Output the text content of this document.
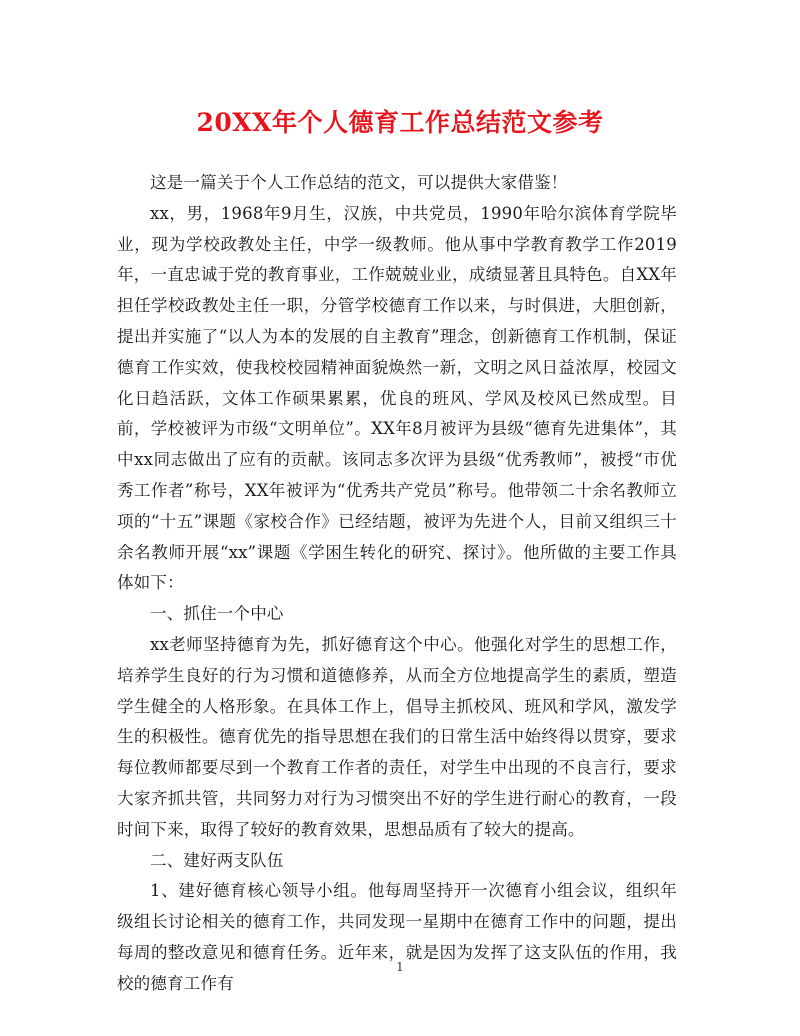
20XX年个人德育工作总结范文参考

这是一篇关于个人工作总结的范文，可以提供大家借鉴！

xx，男，1968年9月生，汉族，中共党员，1990年哈尔滨体育学院毕业，现为学校政教处主任，中学一级教师。他从事中学教育教学工作2019年，一直忠诚于党的教育事业，工作兢兢业业，成绩显著且具特色。自XX年担任学校政教处主任一职，分管学校德育工作以来，与时俱进，大胆创新，提出并实施了“以人为本的发展的自主教育”理念，创新德育工作机制，保证德育工作实效，使我校校园精神面貌焕然一新，文明之风日益浓厚，校园文化日趋活跃，文体工作硕果累累，优良的班风、学风及校风已然成型。目前，学校被评为市级“文明单位”。XX年8月被评为县级“德育先进集体”，其中xx同志做出了应有的贡献。该同志多次评为县级“优秀教师”，被授“市优秀工作者”称号，XX年被评为“优秀共产党员”称号。他带领二十余名教师立项的“十五”课题《家校合作》已经结题，被评为先进个人，目前又组织三十余名教师开展“xx”课题《学困生转化的研究、探讨》。他所做的主要工作具体如下：

一、抓住一个中心

xx老师坚持德育为先，抓好德育这个中心。他强化对学生的思想工作，培养学生良好的行为习惯和道德修养，从而全方位地提高学生的素质，塑造学生健全的人格形象。在具体工作上，倡导主抓校风、班风和学风，激发学生的积极性。德育优先的指导思想在我们的日常生活中始终得以贯穿，要求每位教师都要尽到一个教育工作者的责任，对学生中出现的不良言行，要求大家齐抓共管，共同努力对行为习惯突出不好的学生进行耐心的教育，一段时间下来，取得了较好的教育效果，思想品质有了较大的提高。

二、建好两支队伍

1、建好德育核心领导小组。他每周坚持开一次德育小组会议，组织年级组长讨论相关的德育工作，共同发现一星期中在德育工作中的问题，提出每周的整改意见和德育任务。近年来，就是因为发挥了这支队伍的作用，我校的德育工作有

1
